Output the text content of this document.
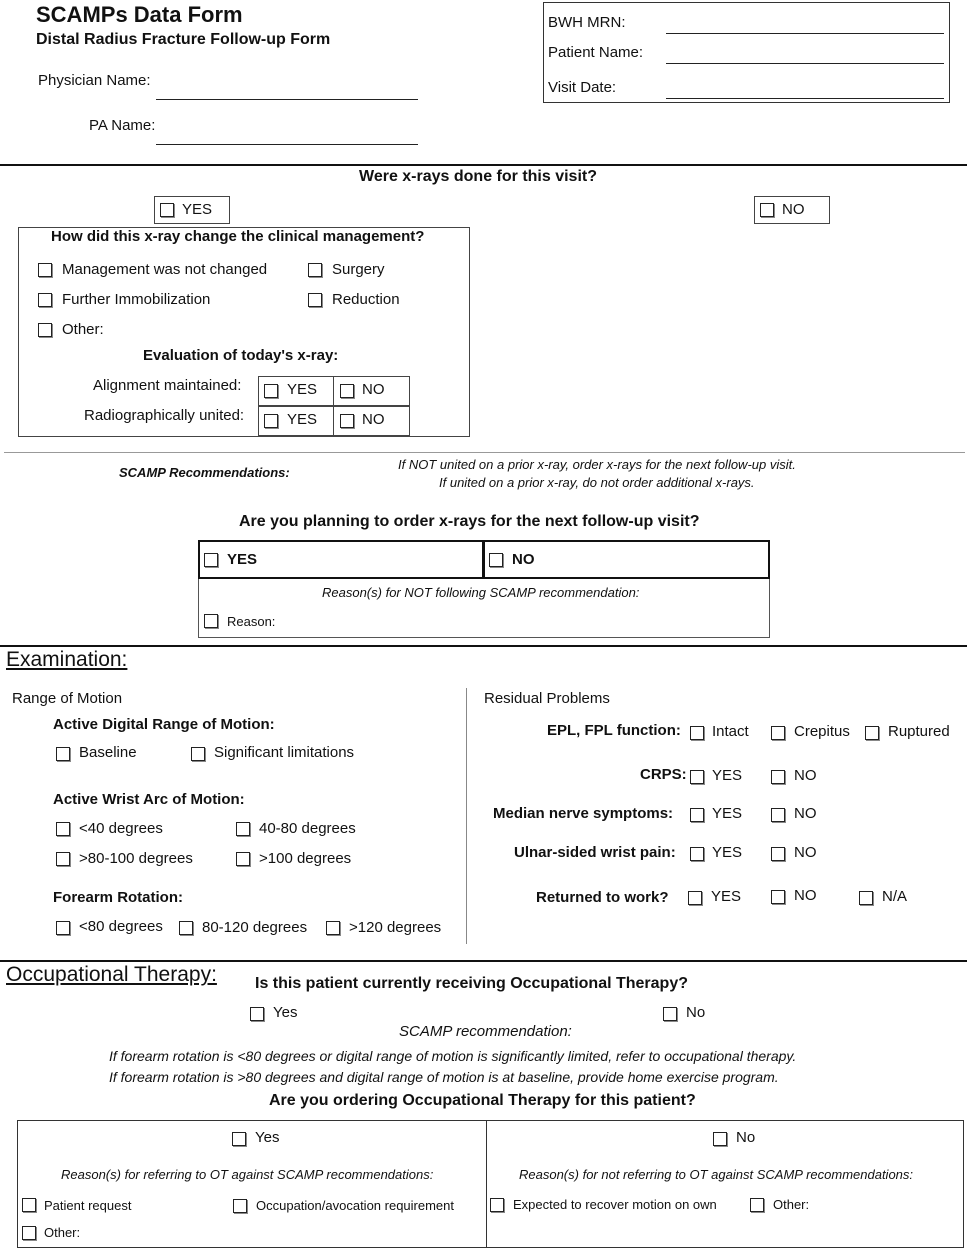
SCAMPs Data Form
Distal Radius Fracture Follow-up Form
Physician Name:
PA Name:
BWH MRN:
Patient Name:
Visit Date:
Were x-rays done for this visit?
YES	NO
How did this x-ray change the clinical management?
Management was not changed	Surgery
Further Immobilization	Reduction
Other:
Evaluation of today's x-ray:
Alignment maintained:	YES	NO
Radiographically united:	YES	NO
SCAMP Recommendations:
If NOT united on a prior x-ray, order x-rays for the next follow-up visit.
If united on a prior x-ray, do not order additional x-rays.
Are you planning to order x-rays for the next follow-up visit?
YES	NO
Reason(s) for NOT following SCAMP recommendation:
Reason:
Examination:
Range of Motion
Active Digital Range of Motion:
Baseline	Significant limitations
Active Wrist Arc of Motion:
<40 degrees	40-80 degrees
>80-100 degrees	>100 degrees
Forearm Rotation:
<80 degrees	80-120 degrees	>120 degrees
Residual Problems
EPL, FPL function: Intact	Crepitus	Ruptured
CRPS: YES	NO
Median nerve symptoms:	YES	NO
Ulnar-sided wrist pain: YES	NO
Returned to work?	YES	NO	N/A
Occupational Therapy: Is this patient currently receiving Occupational Therapy?
Yes	No
SCAMP recommendation:
If forearm rotation is <80 degrees or digital range of motion is significantly limited, refer to occupational therapy.
If forearm rotation is >80 degrees and digital range of motion is at baseline, provide home exercise program.
Are you ordering Occupational Therapy for this patient?
Yes	No
Reason(s) for referring to OT against SCAMP recommendations:	Reason(s) for not referring to OT against SCAMP recommendations:
Patient request	Occupation/avocation requirement
Other:
Expected to recover motion on own	Other:
